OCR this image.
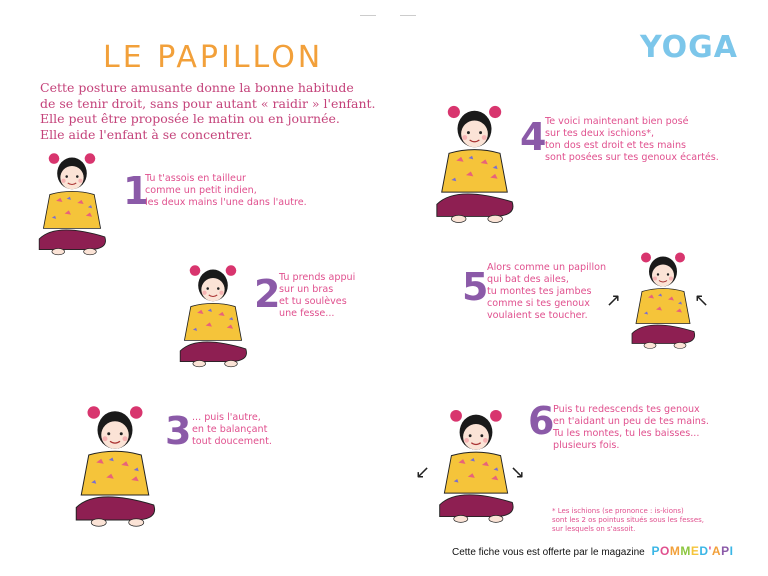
LE PAPILLON	YOGA
Cette posture amusante donne la bonne habitude
de se tenir droit, sans pour autant « raidir » l'enfant.
Elle peut être proposée le matin ou en journée.
Elle aide l'enfant à se concentrer.
1
Tu t'assois en tailleur
comme un petit indien,
les deux mains l'une dans l'autre.
2
Tu prends appui
sur un bras
et tu soulèves
une fesse...
3 ... puis l'autre,
en te balançant
tout doucement.
4
Te voici maintenant bien posé
sur tes deux ischions*,
ton dos est droit et tes mains
sont posées sur tes genoux écartés.
5
Alors comme un papillon
qui bat des ailes,
tu montes tes jambes
comme si tes genoux
voulaient se toucher.
↗	↖
↙	↘
6
Puis tu redescends tes genoux
en t'aidant un peu de tes mains.
Tu les montes, tu les baisses...
plusieurs fois.
* Les ischions (se prononce : is-kions)
sont les 2 os pointus situés sous les fesses,
sur lesquels on s'assoit.
Cette fiche vous est offerte par le magazine POMMED'API
